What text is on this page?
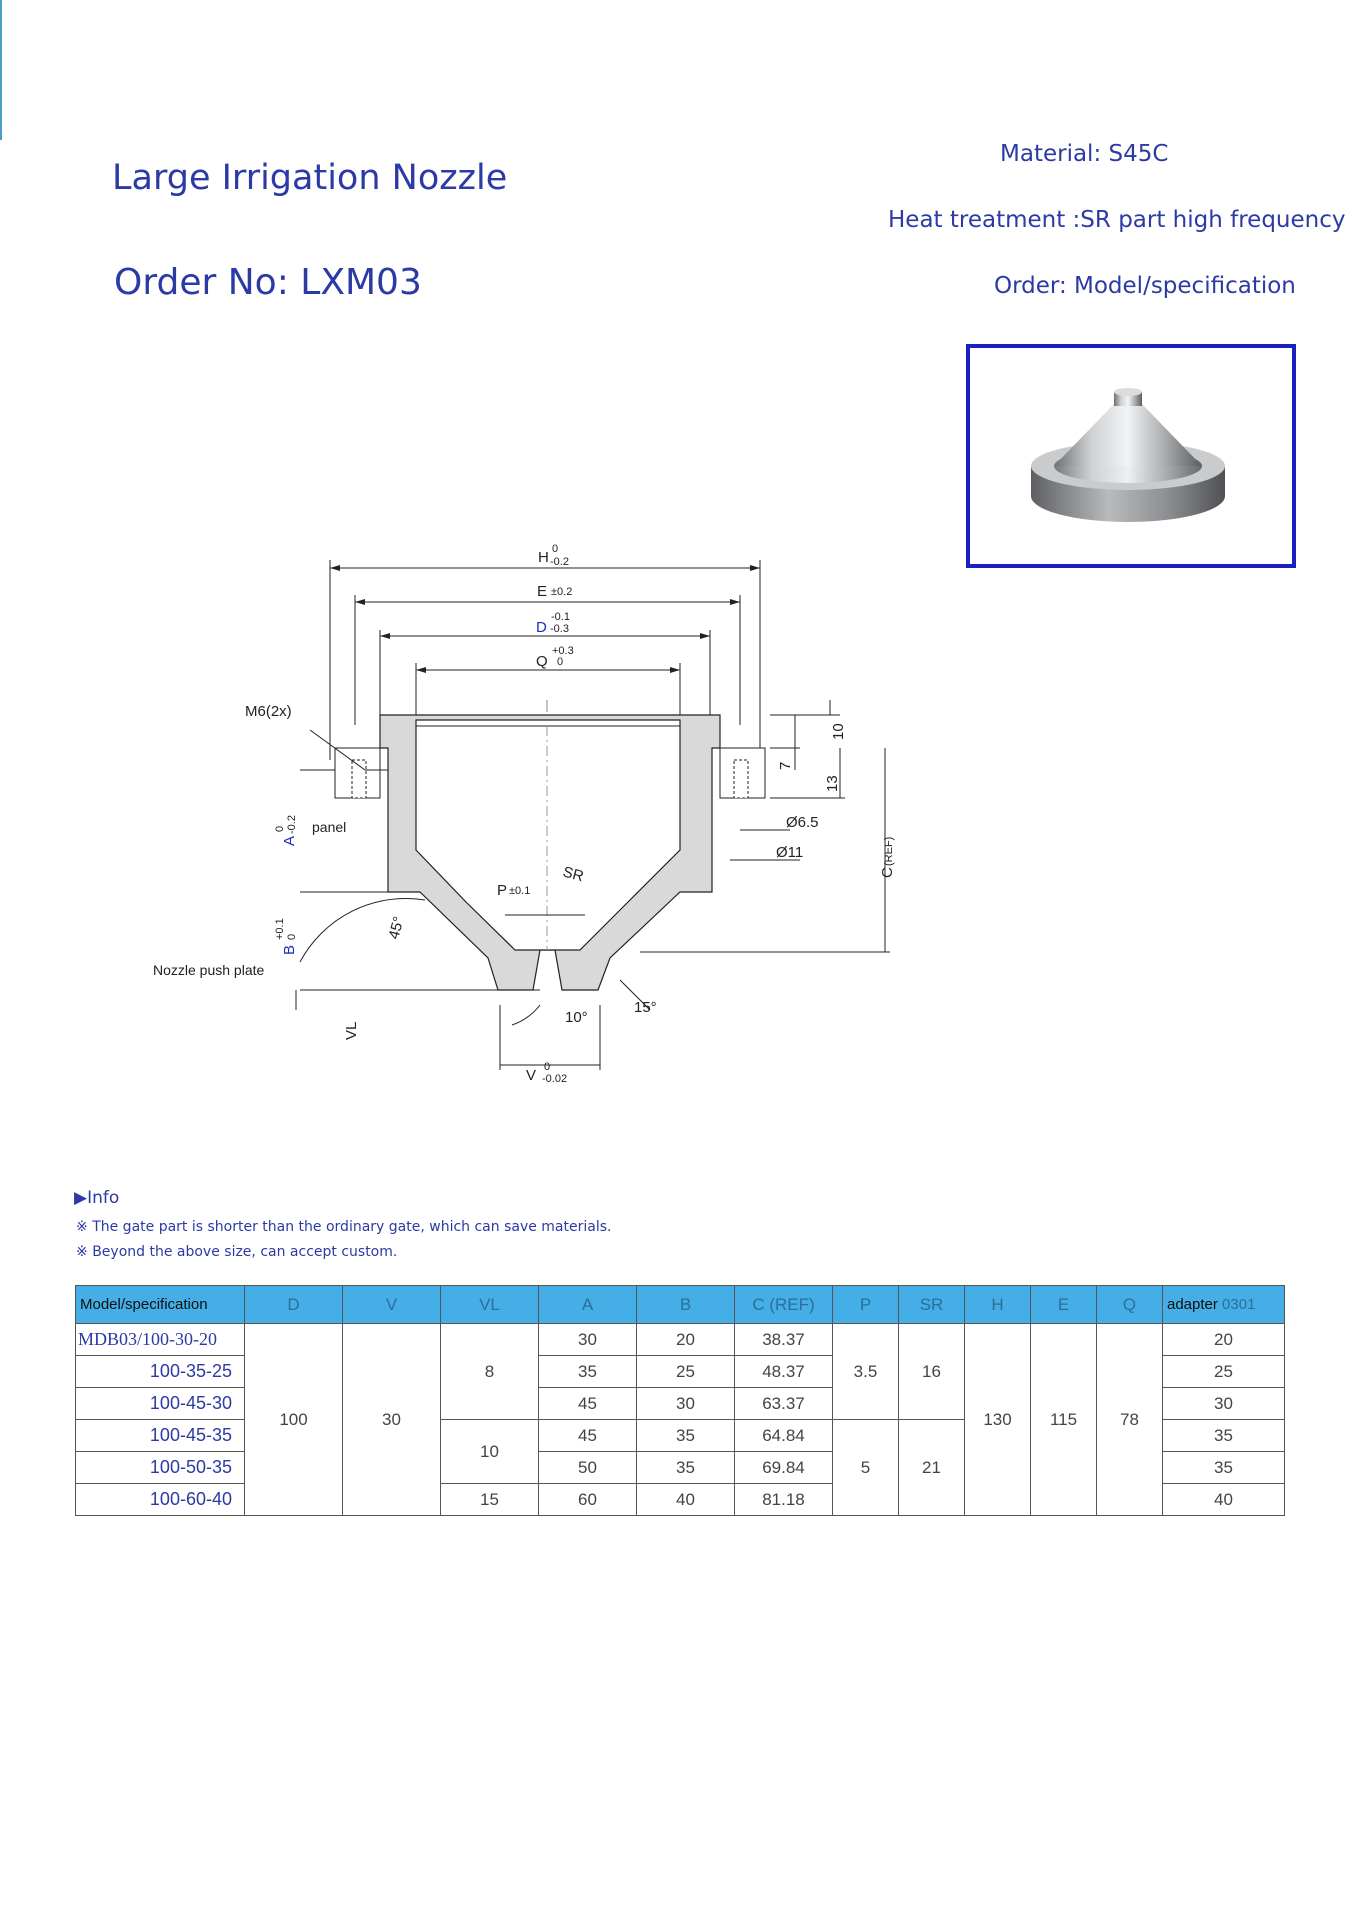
Large Irrigation Nozzle
Order No: LXM03
Material: S45C
Heat treatment :SR part high frequency
Order: Model/specification
H 0
-0.2
E ±0.2
D
-0.1
-0.3
Q
+0.3
0
M6(2x)
10
7
13
Ø6.5
Ø11
C
(REF)
A
0 -0.2 panel
SR
P ±0.1
45°
B
+0.1 0
Nozzle push plate
VL
10°
15°
V 0
-0.02
▶Info
※ The gate part is shorter than the ordinary gate, which can save materials.
※ Beyond the above size, can accept custom.
Model/specification	D	V	VL	A	B	C (REF)	P	SR	H	E	Q	adapter 0301
MDB03/100-30-20	100	30	8	30	20	38.37	3.5	16	130	115	78	20
100-35-25				35	25	48.37						25
100-45-30				45	30	63.37						30
100-45-35			10	45	35	64.84	5	21				35
100-50-35				50	35	69.84						35
100-60-40			15	60	40	81.18						40
